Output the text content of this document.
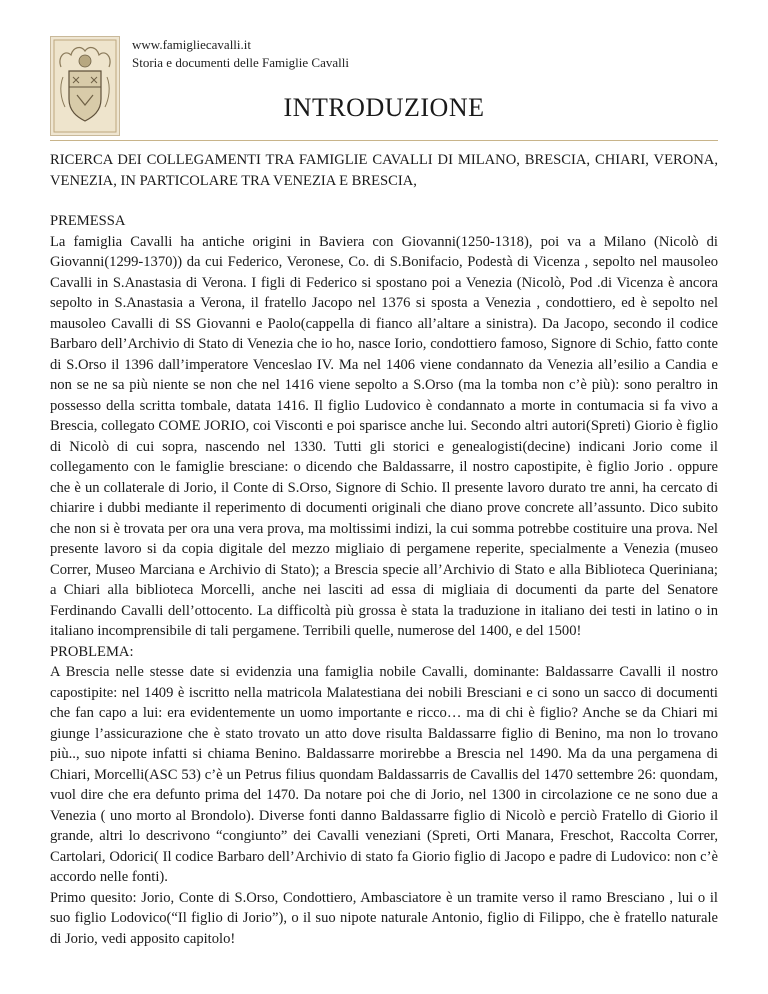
www.famigliecavalli.it
Storia e documenti delle Famiglie Cavalli
INTRODUZIONE

RICERCA DEI COLLEGAMENTI TRA FAMIGLIE CAVALLI DI MILANO, BRESCIA, CHIARI, VERONA, VENEZIA, IN PARTICOLARE TRA VENEZIA E BRESCIA,

PREMESSA

La famiglia Cavalli ha antiche origini in Baviera con Giovanni(1250-1318), poi va a Milano (Nicolò di Giovanni(1299-1370)) da cui Federico, Veronese, Co. di S.Bonifacio, Podestà di Vicenza , sepolto nel mausoleo Cavalli in S.Anastasia di Verona. I figli di Federico si spostano poi a Venezia (Nicolò, Pod .di Vicenza è ancora sepolto in S.Anastasia a Verona, il fratello Jacopo nel 1376 si sposta a Venezia , condottiero, ed è sepolto nel mausoleo Cavalli di SS Giovanni e Paolo(cappella di fianco all’altare a sinistra). Da Jacopo, secondo il codice Barbaro dell’Archivio di Stato di Venezia che io ho, nasce Iorio, condottiero famoso, Signore di Schio, fatto conte di S.Orso il 1396 dall’imperatore Venceslao IV. Ma nel 1406 viene condannato da Venezia all’esilio a Candia e non se ne sa più niente se non che nel 1416 viene sepolto a S.Orso (ma la tomba non c’è più): sono peraltro in possesso della scritta tombale, datata 1416. Il figlio Ludovico è condannato a morte in contumacia si fa vivo a Brescia, collegato COME JORIO, coi Visconti e poi sparisce anche lui. Secondo altri autori(Spreti) Giorio è figlio di Nicolò di cui sopra, nascendo nel 1330. Tutti gli storici e genealogisti(decine) indicani Jorio come il collegamento con le famiglie bresciane: o dicendo che Baldassarre, il nostro capostipite, è figlio Jorio . oppure che è un collaterale di Jorio, il Conte di S.Orso, Signore di Schio. Il presente lavoro durato tre anni, ha cercato di chiarire i dubbi mediante il reperimento di documenti originali che diano prove concrete all’assunto. Dico subito che non si è trovata per ora una vera prova, ma moltissimi indizi, la cui somma potrebbe costituire una prova. Nel presente lavoro si da copia digitale del mezzo migliaio di pergamene reperite, specialmente a Venezia (museo Correr, Museo Marciana e Archivio di Stato); a Brescia specie all’Archivio di Stato e alla Biblioteca Queriniana; a Chiari alla biblioteca Morcelli, anche nei lasciti ad essa di migliaia di documenti da parte del Senatore Ferdinando Cavalli dell’ottocento. La difficoltà più grossa è stata la traduzione in italiano dei testi in latino o in italiano incomprensibile di tali pergamene. Terribili quelle, numerose del 1400, e del 1500!

PROBLEMA:

A Brescia nelle stesse date si evidenzia una famiglia nobile Cavalli, dominante: Baldassarre Cavalli il nostro capostipite: nel 1409 è iscritto nella matricola Malatestiana dei nobili Bresciani e ci sono un sacco di documenti che fan capo a lui: era evidentemente un uomo importante e ricco… ma di chi è figlio? Anche se da Chiari mi giunge l’assicurazione che è stato trovato un atto dove risulta Baldassarre figlio di Benino, ma non lo trovano più.., suo nipote infatti si chiama Benino. Baldassarre morirebbe a Brescia nel 1490. Ma da una pergamena di Chiari, Morcelli(ASC 53) c’è un Petrus filius quondam Baldassarris de Cavallis del 1470 settembre 26: quondam, vuol dire che era defunto prima del 1470. Da notare poi che di Jorio, nel 1300 in circolazione ce ne sono due a Venezia ( uno morto al Brondolo). Diverse fonti danno Baldassarre figlio di Nicolò e perciò Fratello di Giorio il grande, altri lo descrivono “congiunto” dei Cavalli veneziani (Spreti, Orti Manara, Freschot, Raccolta Correr, Cartolari, Odorici( Il codice Barbaro dell’Archivio di stato fa Giorio figlio di Jacopo e padre di Ludovico: non c’è accordo nelle fonti).

Primo quesito: Jorio, Conte di S.Orso, Condottiero, Ambasciatore è un tramite verso il ramo Bresciano , lui o il suo figlio Lodovico(“Il figlio di Jorio”), o il suo nipote naturale Antonio, figlio di Filippo, che è fratello naturale di Jorio, vedi apposito capitolo!
